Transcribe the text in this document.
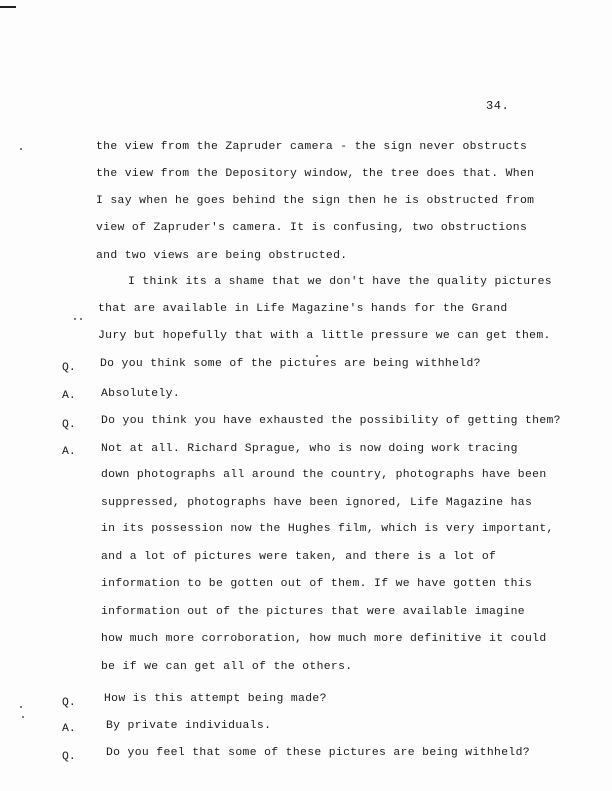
34.
the view from the Zapruder camera - the sign never obstructs
the view from the Depository window, the tree does that. When
I say when he goes behind the sign then he is obstructed from
view of Zapruder's camera. It is confusing, two obstructions
and two views are being obstructed.
I think its a shame that we don't have the quality pictures
that are available in Life Magazine's hands for the Grand
Jury but hopefully that with a little pressure we can get them.
Q. Do you think some of the pictures are being withheld?
A. Absolutely.
Q. Do you think you have exhausted the possibility of getting them?
A. Not at all. Richard Sprague, who is now doing work tracing
down photographs all around the country, photographs have been
suppressed, photographs have been ignored, Life Magazine has
in its possession now the Hughes film, which is very important,
and a lot of pictures were taken, and there is a lot of
information to be gotten out of them. If we have gotten this
information out of the pictures that were available imagine
how much more corroboration, how much more definitive it could
be if we can get all of the others.
Q. How is this attempt being made?
A.	By private individuals.
Q.	Do you feel that some of these pictures are being withheld?
